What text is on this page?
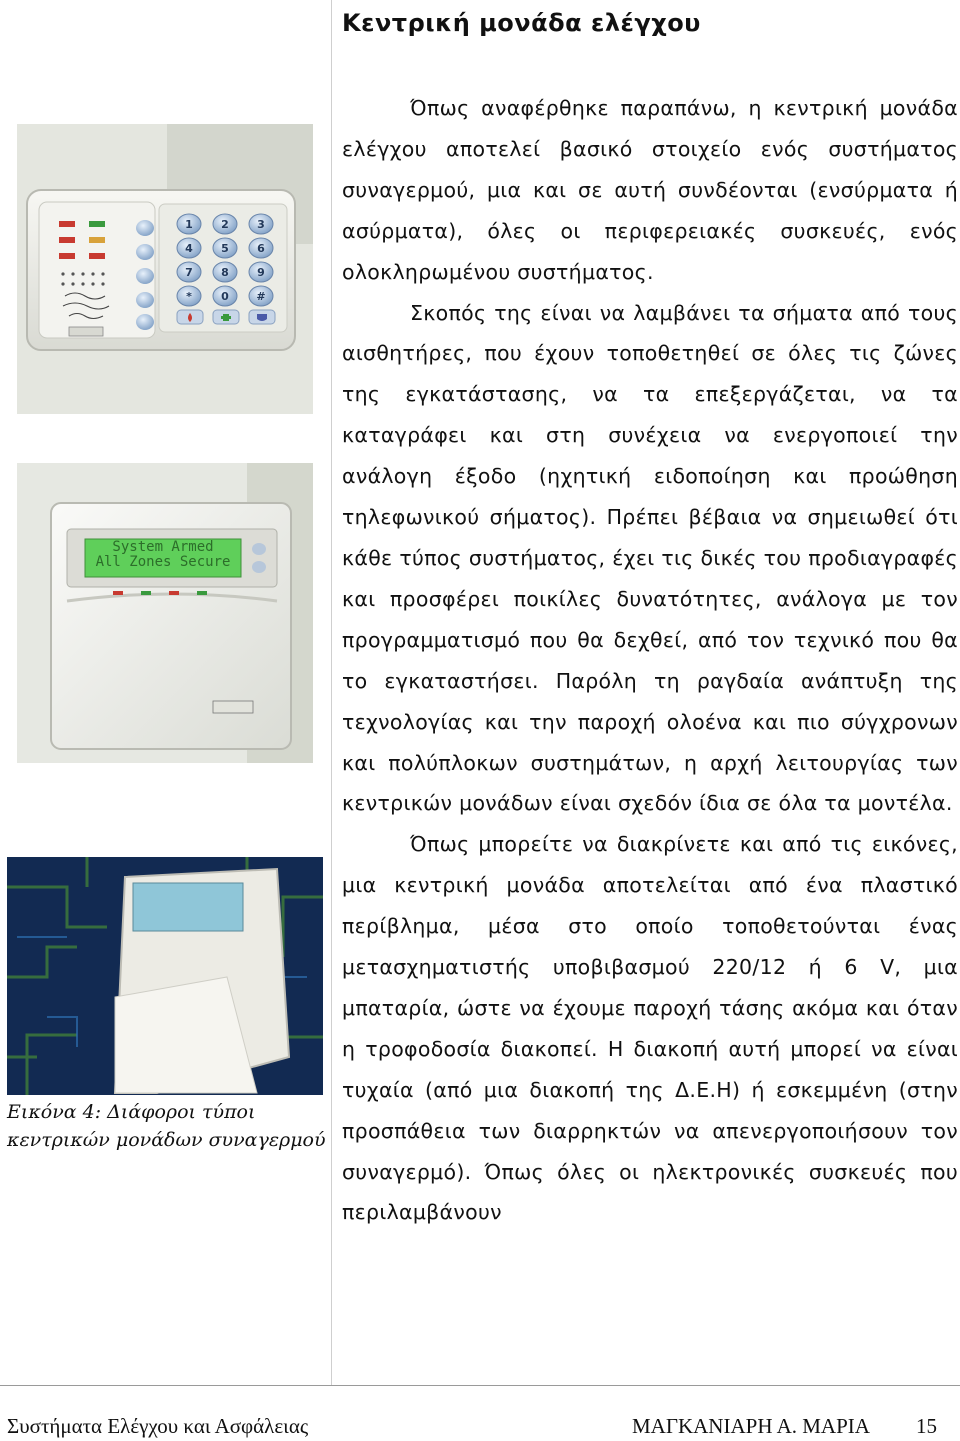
1	2	3
4	5	6
7	8	9
*	0	#
System Armed
All Zones Secure
Κεντρική μονάδα ελέγχου

Όπως αναφέρθηκε παραπάνω, η κεντρική μονάδα ελέγχου αποτελεί βασικό στοιχείο ενός συστήματος συναγερμού, μια και σε αυτή συνδέονται (ενσύρματα ή ασύρματα), όλες οι περιφερειακές συσκευές, ενός ολοκληρωμένου συστήματος.

Σκοπός της είναι να λαμβάνει τα σήματα από τους αισθητήρες, που έχουν τοποθετηθεί σε όλες τις ζώνες της εγκατάστασης, να τα επεξεργάζεται, να τα καταγράφει και στη συνέχεια να ενεργοποιεί την ανάλογη έξοδο (ηχητική ειδοποίηση και προώθηση τηλεφωνικού σήματος). Πρέπει βέβαια να σημειωθεί ότι κάθε τύπος συστήματος, έχει τις δικές του προδιαγραφές και προσφέρει ποικίλες δυνατότητες, ανάλογα με τον προγραμματισμό που θα δεχθεί, από τον τεχνικό που θα το εγκαταστήσει. Παρόλη τη ραγδαία ανάπτυξη της τεχνολογίας και την παροχή ολοένα και πιο σύγχρονων και πολύπλοκων συστημάτων, η αρχή λειτουργίας των κεντρικών μονάδων είναι σχεδόν ίδια σε όλα τα μοντέλα.

Όπως μπορείτε να διακρίνετε και από τις εικόνες, μια κεντρική μονάδα αποτελείται από ένα πλαστικό περίβλημα, μέσα στο οποίο τοποθετούνται ένας μετασχηματιστής υποβιβασμού 220/12 ή 6 V, μια μπαταρία, ώστε να έχουμε παροχή τάσης ακόμα και όταν η τροφοδοσία διακοπεί. Η διακοπή αυτή μπορεί να είναι τυχαία (από μια διακοπή της Δ.Ε.Η) ή εσκεμμένη (στην προσπάθεια των διαρρηκτών να απενεργοποιήσουν τον συναγερμό). Όπως όλες οι ηλεκτρονικές συσκευές που περιλαμβάνουν

Εικόνα 4: Διάφοροι τύποι κεντρικών μονάδων συναγερμού

Συστήματα Ελέγχου και Ασφάλειας	ΜΑΓΚΑΝΙΑΡΗ Α. ΜΑΡΙΑ 15
